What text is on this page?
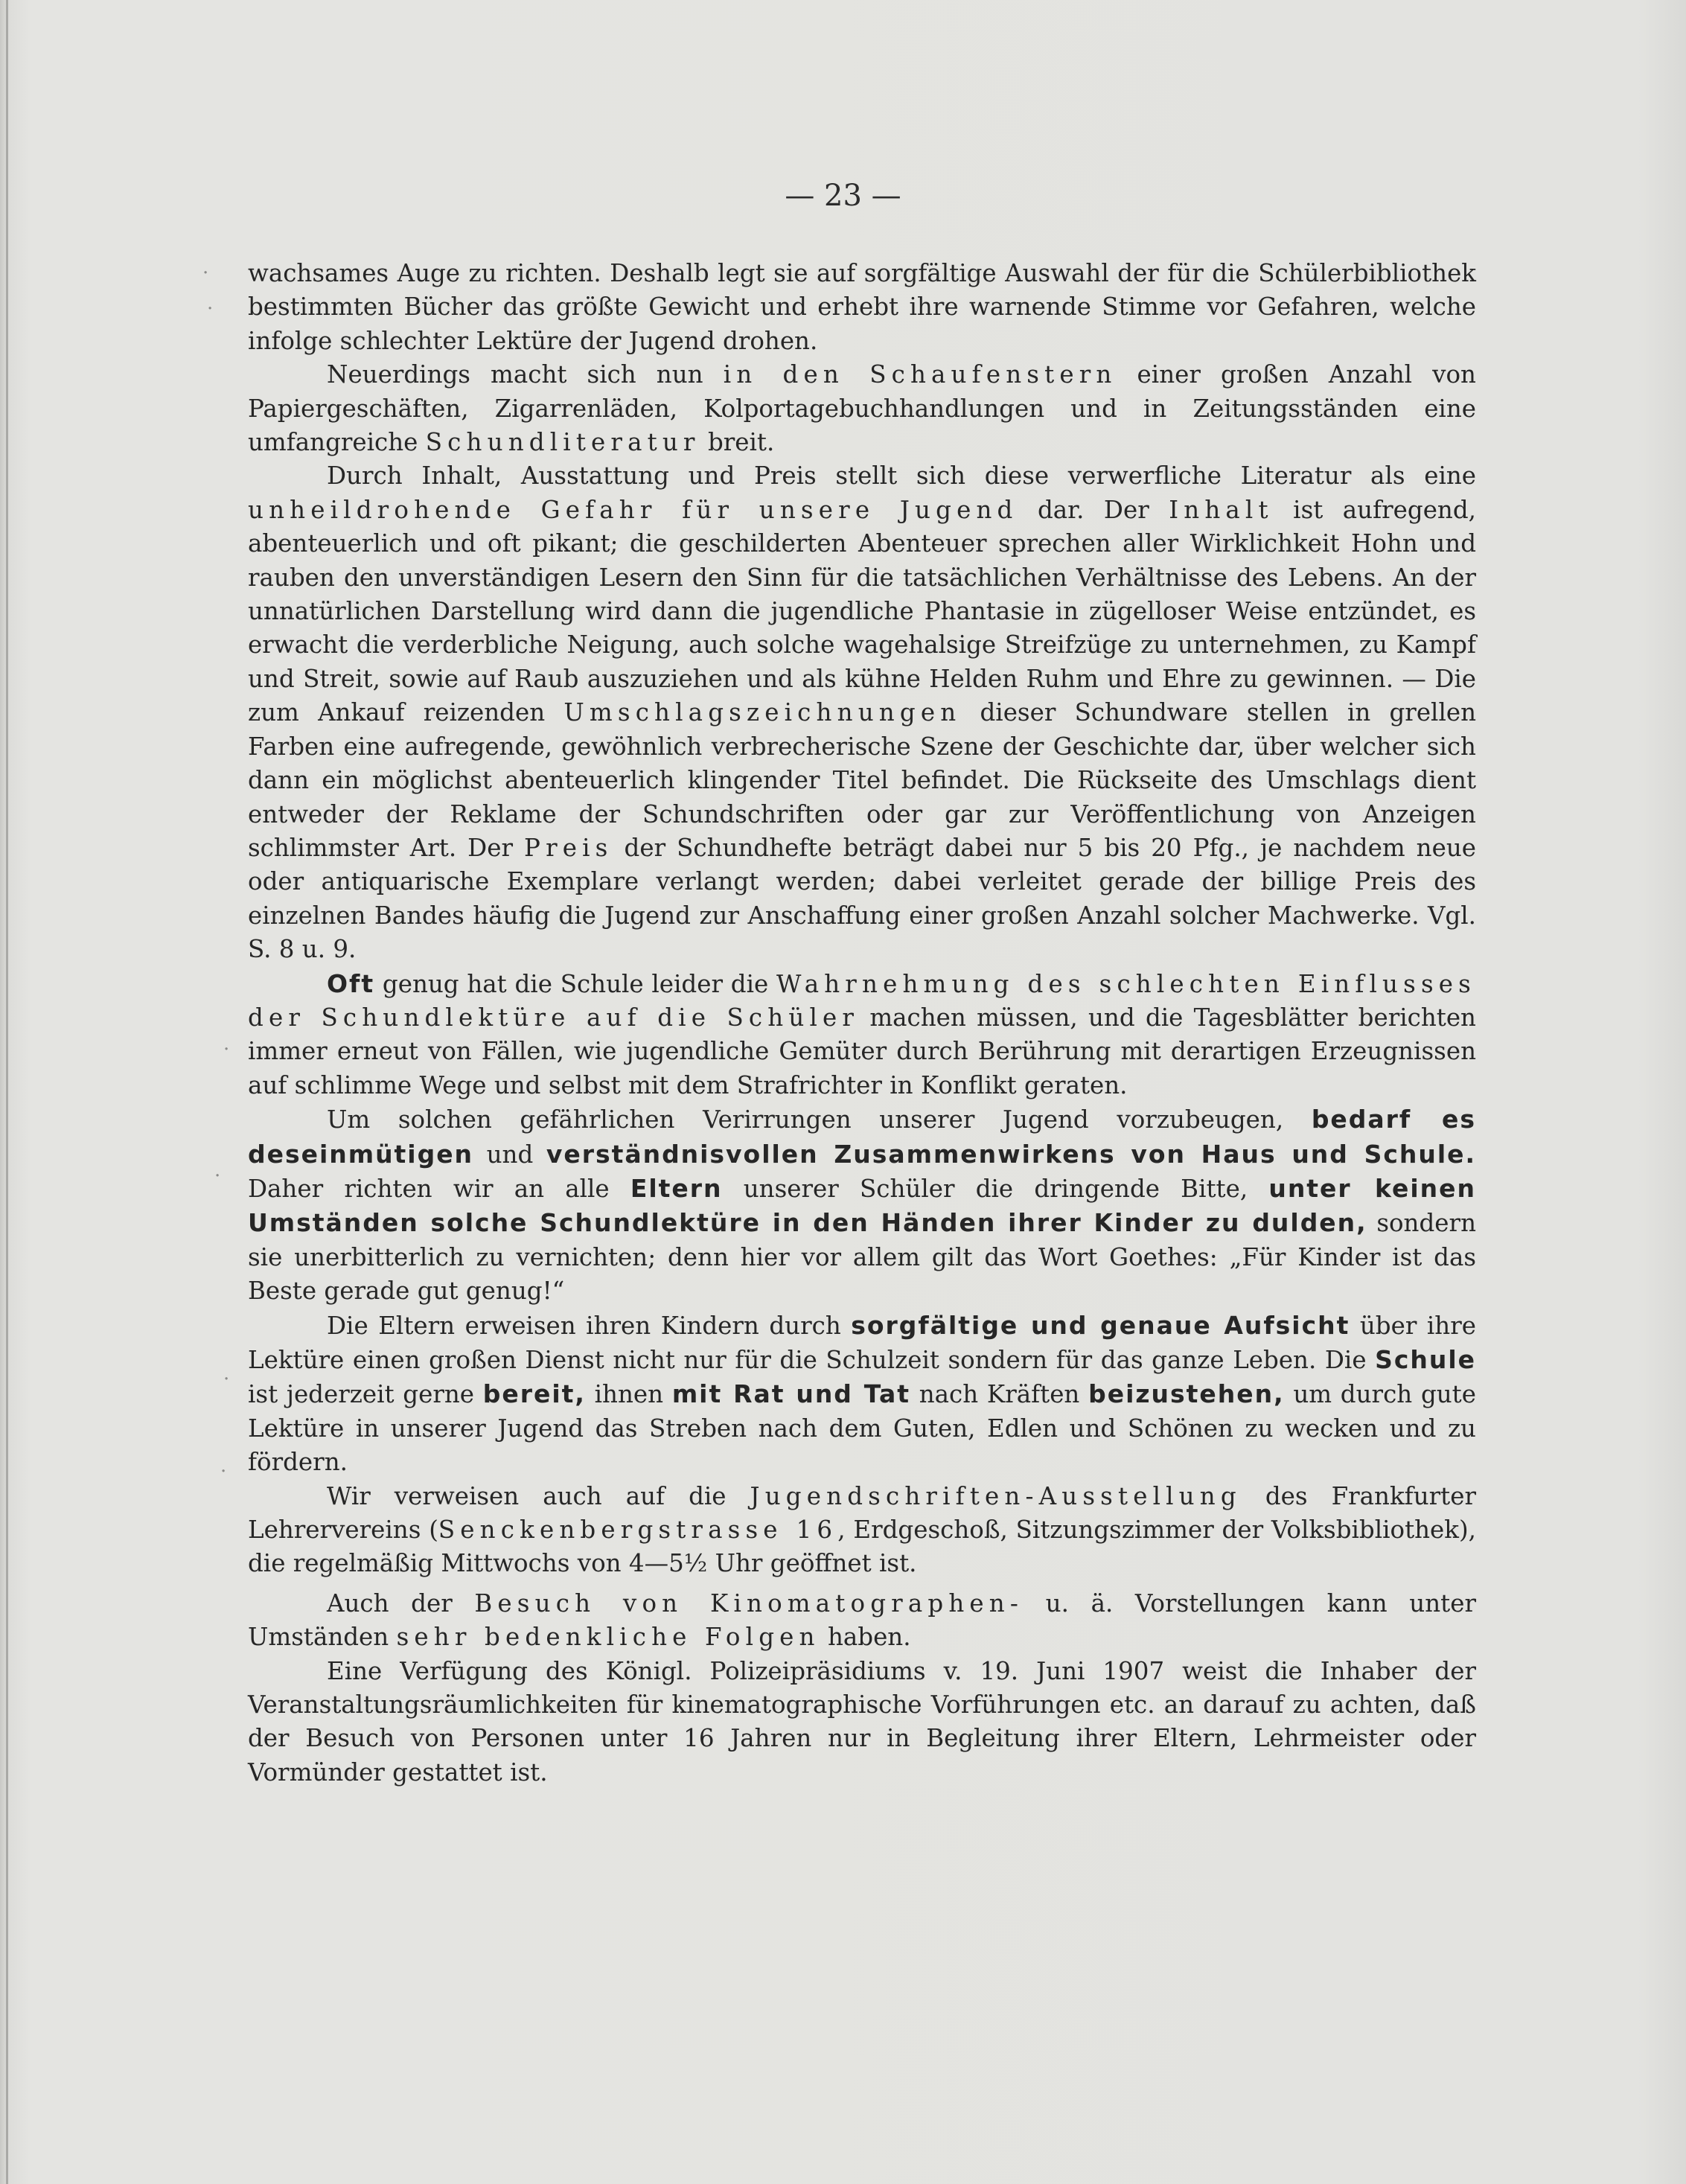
·
·
·
·
·
·
— 23 —

wachsames Auge zu richten. Deshalb legt sie auf sorgfältige Auswahl der für die Schülerbibliothek bestimmten Bücher das größte Gewicht und erhebt ihre warnende Stimme vor Gefahren, welche infolge schlechter Lektüre der Jugend drohen.

Neuerdings macht sich nun in den Schaufenstern einer großen Anzahl von Papiergeschäften, Zigarrenläden, Kolportagebuchhandlungen und in Zeitungsständen eine umfangreiche Schundliteratur breit.

Durch Inhalt, Ausstattung und Preis stellt sich diese verwerfliche Literatur als eine unheildrohende Gefahr für unsere Jugend dar. Der Inhalt ist aufregend, abenteuerlich und oft pikant; die geschilderten Abenteuer sprechen aller Wirklichkeit Hohn und rauben den unverständigen Lesern den Sinn für die tatsächlichen Verhältnisse des Lebens. An der unnatürlichen Darstellung wird dann die jugendliche Phantasie in zügelloser Weise entzündet, es erwacht die verderbliche Neigung, auch solche wagehalsige Streifzüge zu unternehmen, zu Kampf und Streit, sowie auf Raub auszuziehen und als kühne Helden Ruhm und Ehre zu gewinnen. — Die zum Ankauf reizenden Umschlagszeichnungen dieser Schundware stellen in grellen Farben eine aufregende, gewöhnlich verbrecherische Szene der Geschichte dar, über welcher sich dann ein möglichst abenteuerlich klingender Titel befindet. Die Rückseite des Umschlags dient entweder der Reklame der Schundschriften oder gar zur Veröffentlichung von Anzeigen schlimmster Art. Der Preis der Schundhefte beträgt dabei nur 5 bis 20 Pfg., je nachdem neue oder antiquarische Exemplare verlangt werden; dabei verleitet gerade der billige Preis des einzelnen Bandes häufig die Jugend zur Anschaffung einer großen Anzahl solcher Machwerke. Vgl. S. 8 u. 9.

Oft genug hat die Schule leider die Wahrnehmung des schlechten Einflusses der Schundlektüre auf die Schüler machen müssen, und die Tagesblätter berichten immer erneut von Fällen, wie jugendliche Gemüter durch Berührung mit derartigen Erzeugnissen auf schlimme Wege und selbst mit dem Strafrichter in Konflikt geraten.

Um solchen gefährlichen Verirrungen unserer Jugend vorzubeugen, bedarf es deseinmütigen und verständnisvollen Zusammenwirkens von Haus und Schule. Daher richten wir an alle Eltern unserer Schüler die dringende Bitte, unter keinen Umständen solche Schundlektüre in den Händen ihrer Kinder zu dulden, sondern sie unerbitterlich zu vernichten; denn hier vor allem gilt das Wort Goethes: „Für Kinder ist das Beste gerade gut genug!“

Die Eltern erweisen ihren Kindern durch sorgfältige und genaue Aufsicht über ihre Lektüre einen großen Dienst nicht nur für die Schulzeit sondern für das ganze Leben. Die Schule ist jederzeit gerne bereit, ihnen mit Rat und Tat nach Kräften beizustehen, um durch gute Lektüre in unserer Jugend das Streben nach dem Guten, Edlen und Schönen zu wecken und zu fördern.

Wir verweisen auch auf die Jugendschriften-Ausstellung des Frankfurter Lehrervereins (Senckenbergstrasse 16, Erdgeschoß, Sitzungszimmer der Volksbibliothek), die regelmäßig Mittwochs von 4—5½ Uhr geöffnet ist.

Auch der Besuch von Kinomatographen- u. ä. Vorstellungen kann unter Umständen sehr bedenkliche Folgen haben.

Eine Verfügung des Königl. Polizeipräsidiums v. 19. Juni 1907 weist die Inhaber der Veranstaltungsräumlichkeiten für kinematographische Vorführungen etc. an darauf zu achten, daß der Besuch von Personen unter 16 Jahren nur in Begleitung ihrer Eltern, Lehrmeister oder Vormünder gestattet ist.
